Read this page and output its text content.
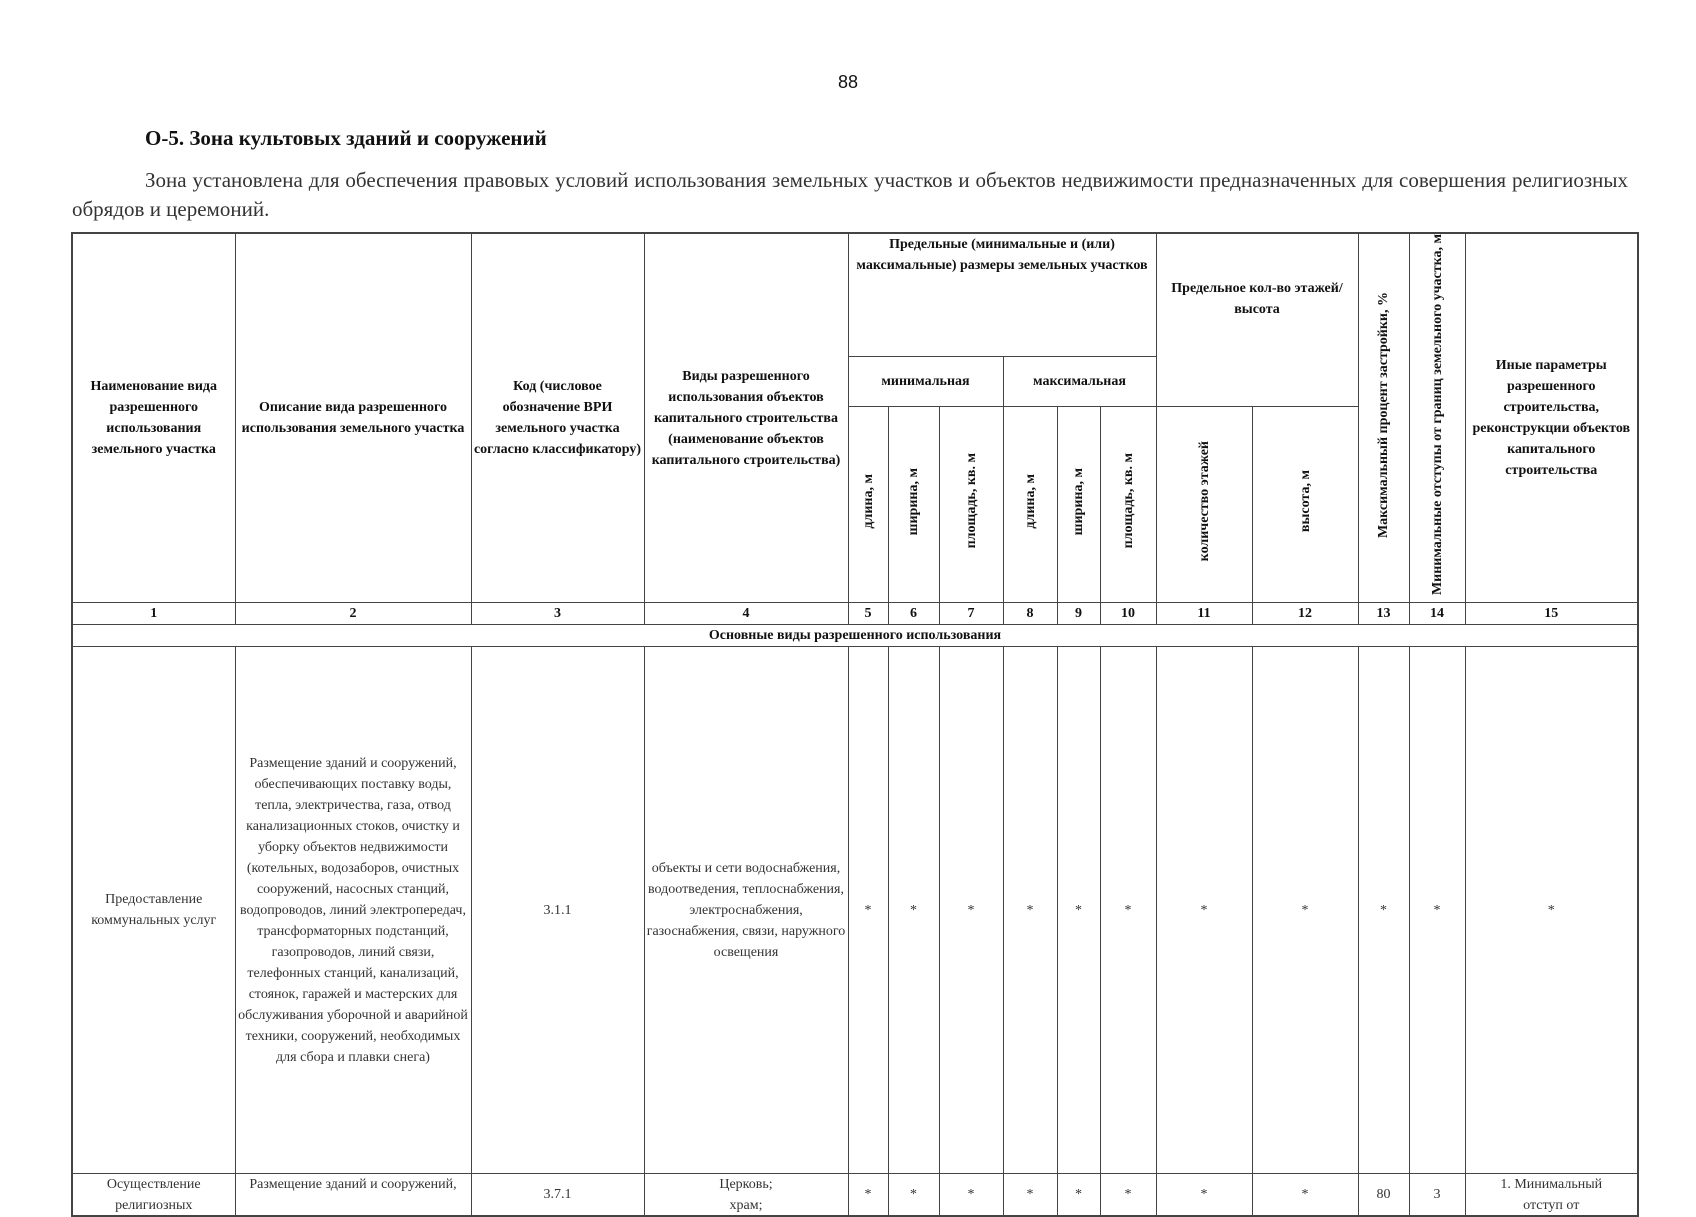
88
О-5. Зона культовых зданий и сооружений
Зона установлена для обеспечения правовых условий использования земельных участков и объектов недвижимости предназначенных для совершения религиозных обрядов и церемоний.
Наименование вида разрешенного использования земельного участка	Описание вида разрешенного использования земельного участка	Код (числовое обозначение ВРИ земельного участка согласно классификатору)	Виды разрешенного использования объектов капитального строительства (наименование объектов капитального строительства)	Предельные (минимальные и (или) максимальные) размеры земельных участков						Предельное кол-во этажей/высота		Максимальный процент застройки, %	Минимальные отступы от границ земельного участка, м	Иные параметры разрешенного строительства, реконструкции объектов капитального строительства
				минимальная			максимальная							
				длина, м	ширина, м	площадь, кв. м	длина, м	ширина, м	площадь, кв. м	количество этажей	высота, м			
1	2	3	4	5	6	7	8	9	10	11	12	13	14	15
Основные виды разрешенного использования														
Предоставление коммунальных услуг	Размещение зданий и сооружений, обеспечивающих поставку воды, тепла, электричества, газа, отвод канализационных стоков, очистку и уборку объектов недвижимости (котельных, водозаборов, очистных сооружений, насосных станций, водопроводов, линий электропередач, трансформаторных подстанций, газопроводов, линий связи, телефонных станций, канализаций, стоянок, гаражей и мастерских для обслуживания уборочной и аварийной техники, сооружений, необходимых для сбора и плавки снега)	3.1.1	объекты и сети водоснабжения, водоотведения, теплоснабжения, электроснабжения, газоснабжения, связи, наружного освещения	*	*	*	*	*	*	*	*	*	*	*

Осуществление религиозных	Размещение зданий и сооружений,	3.7.1	Церковь; храм;	*	*	*	*	*	*	*	*	80	3	1. Минимальный отступ от
